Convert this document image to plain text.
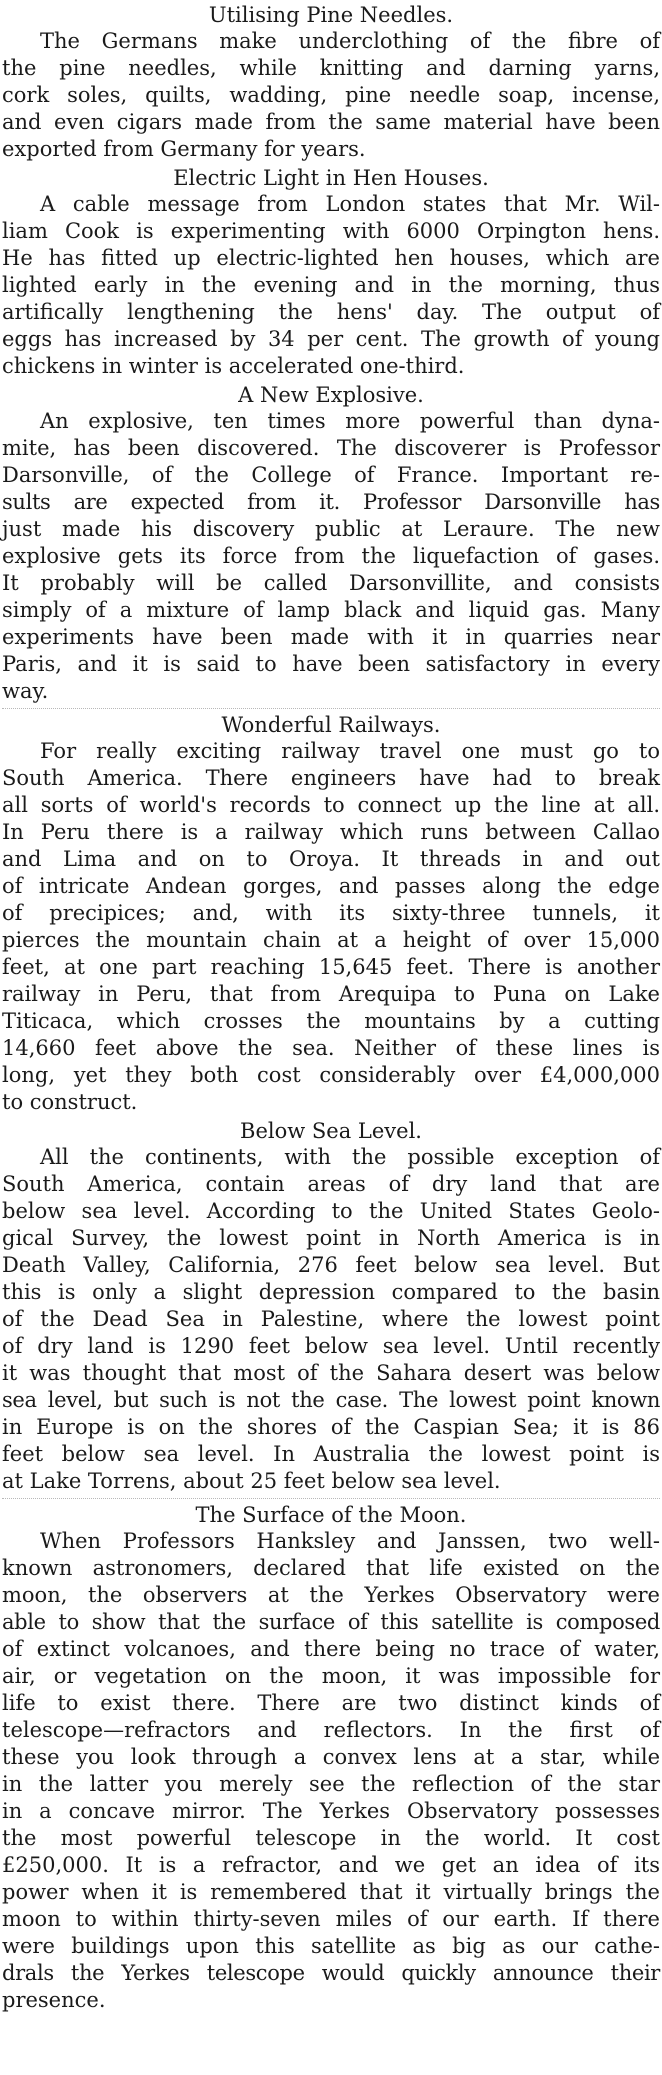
Utilising Pine Needles.
The Germans make underclothing of the fibre of
the pine needles, while knitting and darning yarns,
cork soles, quilts, wadding, pine needle soap, incense,
and even cigars made from the same material have been
exported from Germany for years.
Electric Light in Hen Houses.
A cable message from London states that Mr. Wil-
liam Cook is experimenting with 6000 Orpington hens.
He has fitted up electric-lighted hen houses, which are
lighted early in the evening and in the morning, thus
artifically lengthening the hens' day. The output of
eggs has increased by 34 per cent. The growth of young
chickens in winter is accelerated one-third.
A New Explosive.
An explosive, ten times more powerful than dyna-
mite, has been discovered. The discoverer is Professor
Darsonville, of the College of France. Important re-
sults are expected from it. Professor Darsonville has
just made his discovery public at Leraure. The new
explosive gets its force from the liquefaction of gases.
It probably will be called Darsonvillite, and consists
simply of a mixture of lamp black and liquid gas. Many
experiments have been made with it in quarries near
Paris, and it is said to have been satisfactory in every
way.
Wonderful Railways.
For really exciting railway travel one must go to
South America. There engineers have had to break
all sorts of world's records to connect up the line at all.
In Peru there is a railway which runs between Callao
and Lima and on to Oroya. It threads in and out
of intricate Andean gorges, and passes along the edge
of precipices; and, with its sixty-three tunnels, it
pierces the mountain chain at a height of over 15,000
feet, at one part reaching 15,645 feet. There is another
railway in Peru, that from Arequipa to Puna on Lake
Titicaca, which crosses the mountains by a cutting
14,660 feet above the sea. Neither of these lines is
long, yet they both cost considerably over £4,000,000
to construct.
Below Sea Level.
All the continents, with the possible exception of
South America, contain areas of dry land that are
below sea level. According to the United States Geolo-
gical Survey, the lowest point in North America is in
Death Valley, California, 276 feet below sea level. But
this is only a slight depression compared to the basin
of the Dead Sea in Palestine, where the lowest point
of dry land is 1290 feet below sea level. Until recently
it was thought that most of the Sahara desert was below
sea level, but such is not the case. The lowest point known
in Europe is on the shores of the Caspian Sea; it is 86
feet below sea level. In Australia the lowest point is
at Lake Torrens, about 25 feet below sea level.
The Surface of the Moon.
When Professors Hanksley and Janssen, two well-
known astronomers, declared that life existed on the
moon, the observers at the Yerkes Observatory were
able to show that the surface of this satellite is composed
of extinct volcanoes, and there being no trace of water,
air, or vegetation on the moon, it was impossible for
life to exist there. There are two distinct kinds of
telescope—refractors and reflectors. In the first of
these you look through a convex lens at a star, while
in the latter you merely see the reflection of the star
in a concave mirror. The Yerkes Observatory possesses
the most powerful telescope in the world. It cost
£250,000. It is a refractor, and we get an idea of its
power when it is remembered that it virtually brings the
moon to within thirty-seven miles of our earth. If there
were buildings upon this satellite as big as our cathe-
drals the Yerkes telescope would quickly announce their
presence.
